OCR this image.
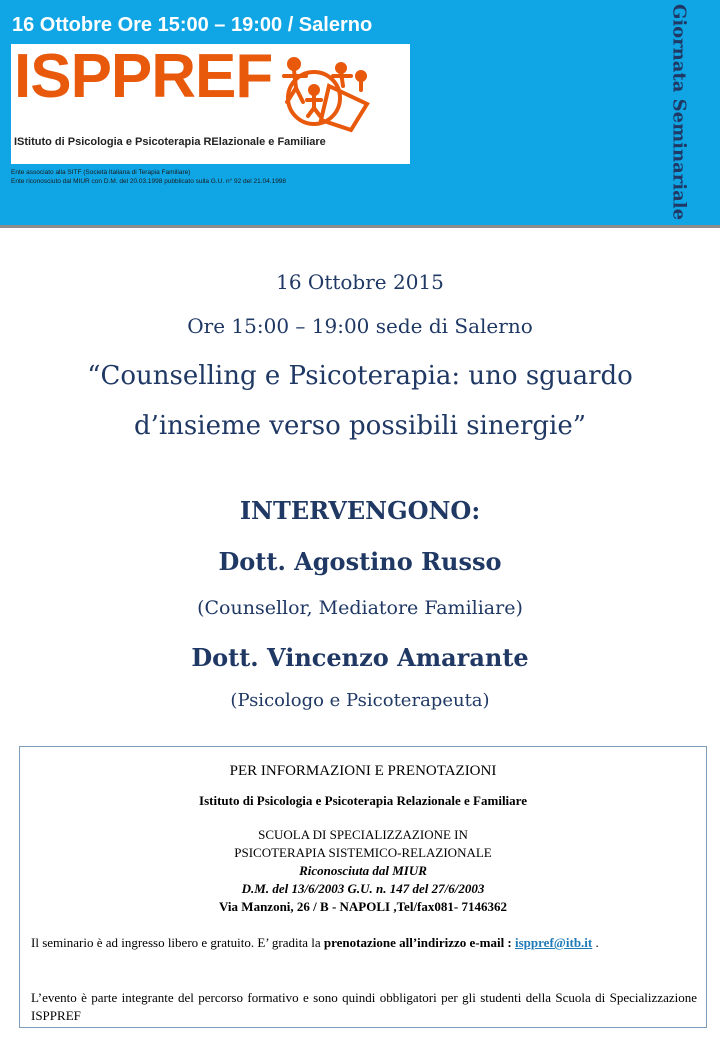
16 Ottobre Ore 15:00 – 19:00 / Salerno
ISPPREF
IStituto di Psicologia e Psicoterapia RElazionale e Familiare
Ente associato alla SITF (Società Italiana di Terapia Familiare)
Ente riconosciuto dal MIUR con D.M. del 20.03.1998 pubblicato sulla G.U. n° 92 del 21.04.1998	Giornata Seminariale
16 Ottobre 2015
Ore 15:00 – 19:00 sede di Salerno
“Counselling e Psicoterapia: uno sguardo
d’insieme verso possibili sinergie”
INTERVENGONO:
Dott. Agostino Russo
(Counsellor, Mediatore Familiare)
Dott. Vincenzo Amarante
(Psicologo e Psicoterapeuta)
PER INFORMAZIONI E PRENOTAZIONI
Istituto di Psicologia e Psicoterapia Relazionale e Familiare
SCUOLA DI SPECIALIZZAZIONE IN
PSICOTERAPIA SISTEMICO-RELAZIONALE
Riconosciuta dal MIUR
D.M. del 13/6/2003 G.U. n. 147 del 27/6/2003
Via Manzoni, 26 / B - NAPOLI ,Tel/fax081- 7146362
Il seminario è ad ingresso libero e gratuito. E’ gradita la prenotazione all’indirizzo e-mail : isppref@itb.it .
L’evento è parte integrante del percorso formativo e sono quindi obbligatori per gli studenti della Scuola di Specializzazione ISPPREF
